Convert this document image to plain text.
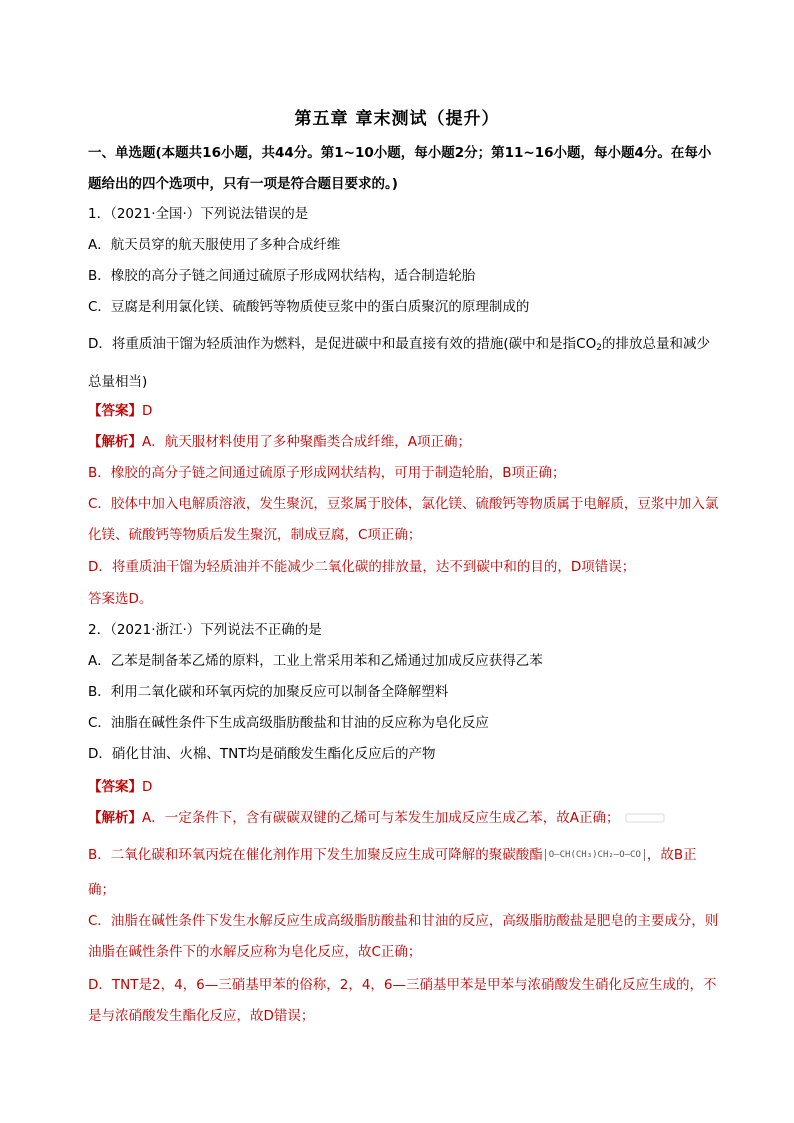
第五章 章末测试（提升）
一、单选题(本题共16小题，共44分。第1~10小题，每小题2分；第11~16小题，每小题4分。在每小
题给出的四个选项中，只有一项是符合题目要求的。)
1．（2021·全国·）下列说法错误的是
A．航天员穿的航天服使用了多种合成纤维
B．橡胶的高分子链之间通过硫原子形成网状结构，适合制造轮胎
C．豆腐是利用氯化镁、硫酸钙等物质使豆浆中的蛋白质聚沉的原理制成的
D．将重质油干馏为轻质油作为燃料，是促进碳中和最直接有效的措施(碳中和是指$CO_2$的排放总量和减少
总量相当)
【答案】D
【解析】A．航天服材料使用了多种聚酯类合成纤维，A项正确；
B．橡胶的高分子链之间通过硫原子形成网状结构，可用于制造轮胎，B项正确；
C．胶体中加入电解质溶液，发生聚沉，豆浆属于胶体，氯化镁、硫酸钙等物质属于电解质，豆浆中加入氯
化镁、硫酸钙等物质后发生聚沉，制成豆腐，C项正确；
D．将重质油干馏为轻质油并不能减少二氧化碳的排放量，达不到碳中和的目的，D项错误；
答案选D。
2．（2021·浙江·）下列说法不正确的是
A．乙苯是制备苯乙烯的原料，工业上常采用苯和乙烯通过加成反应获得乙苯
B．利用二氧化碳和环氧丙烷的加聚反应可以制备全降解塑料
C．油脂在碱性条件下生成高级脂肪酸盐和甘油的反应称为皂化反应
D．硝化甘油、火棉、TNT均是硝酸发生酯化反应后的产物
【答案】D
【解析】A．一定条件下，含有碳碳双键的乙烯可与苯发生加成反应生成乙苯，故A正确；
B．二氧化碳和环氧丙烷在催化剂作用下发生加聚反应生成可降解的聚碳酸酯 O—CH(CH₃)CH₂—O—CO ，故B正
确；
C．油脂在碱性条件下发生水解反应生成高级脂肪酸盐和甘油的反应，高级脂肪酸盐是肥皂的主要成分，则
油脂在碱性条件下的水解反应称为皂化反应，故C正确；
D．TNT是2，4，6—三硝基甲苯的俗称，2，4，6—三硝基甲苯是甲苯与浓硝酸发生硝化反应生成的，不
是与浓硝酸发生酯化反应，故D错误；
